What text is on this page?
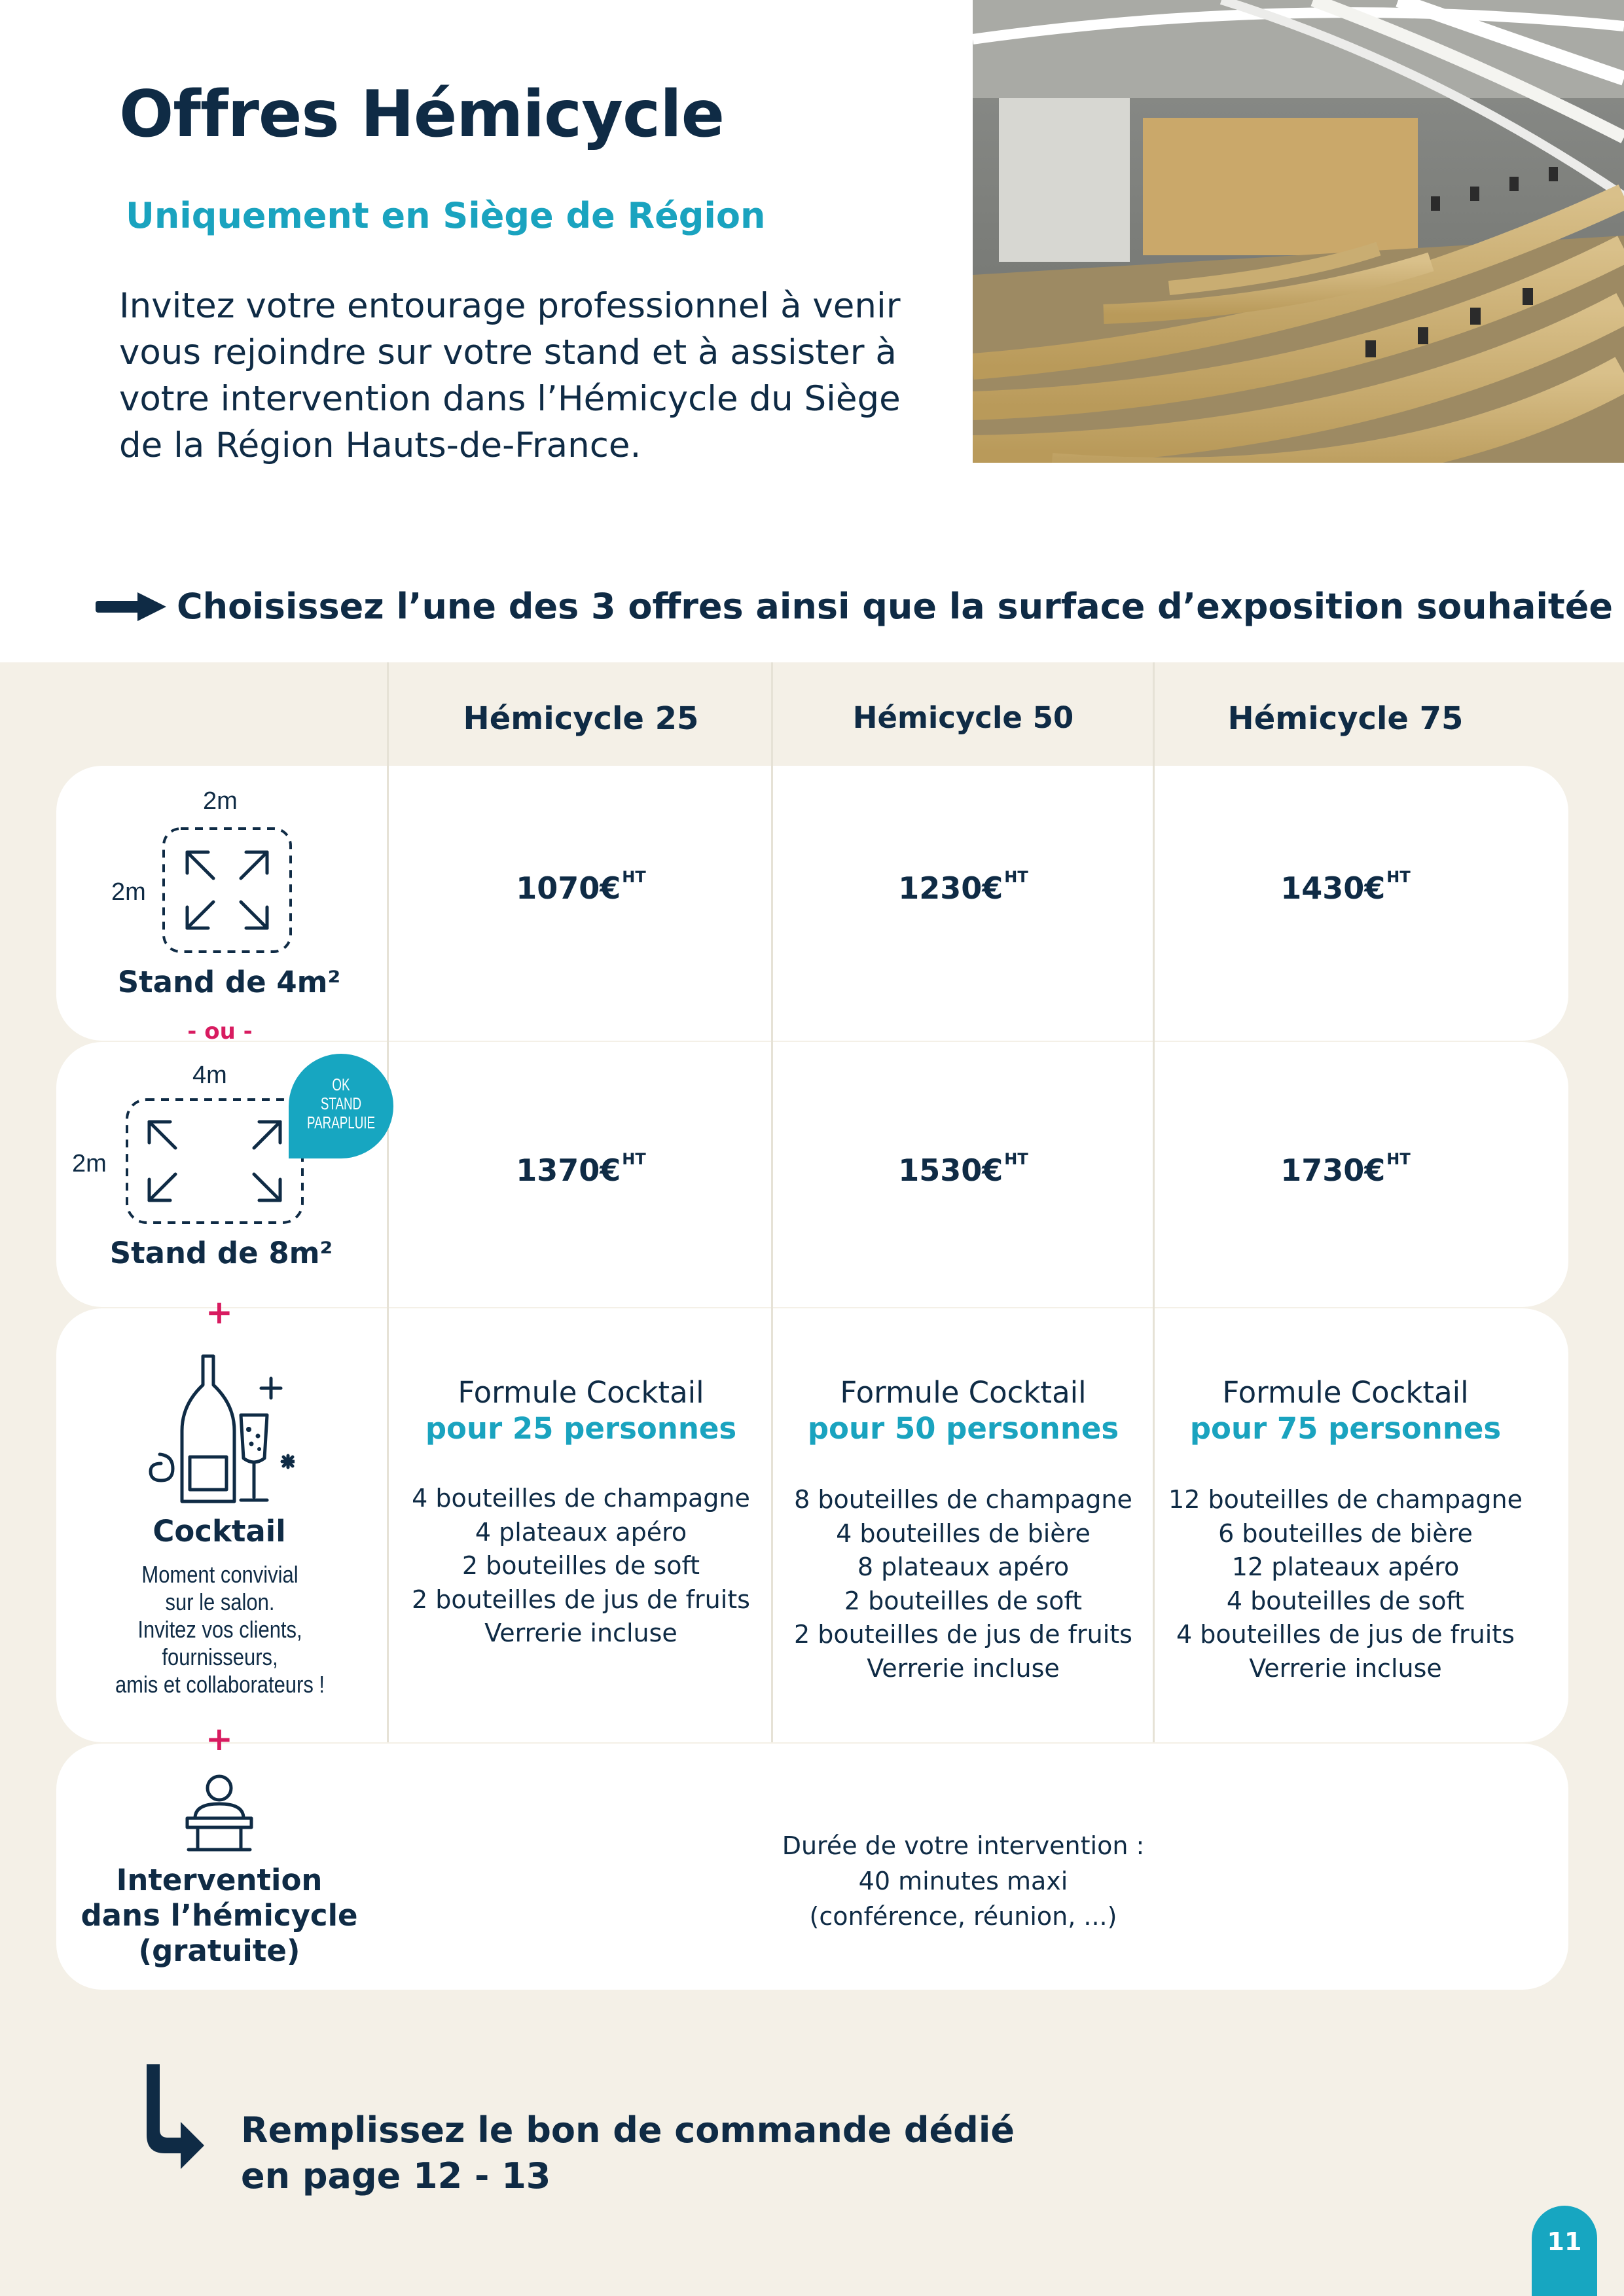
Offres Hémicycle
Uniquement en Siège de Région
Invitez votre entourage professionnel à venir
vous rejoindre sur votre stand et à assister à
votre intervention dans l’Hémicycle du Siège
de la Région Hauts-de-France.
Choisissez l’une des 3 offres ainsi que la surface d’exposition souhaitée
Hémicycle 25	Hémicycle 50	Hémicycle 75
2m
2m
Stand de 4m²
1070€$^{HT}$	1230€$^{HT}$	1430€$^{HT}$
- ou -
4m
2m
OK
STAND
PARAPLUIE
Stand de 8m²
1370€$^{HT}$	1530€$^{HT}$	1730€$^{HT}$
+
Cocktail
Moment convivial
sur le salon.
Invitez vos clients,
fournisseurs,
amis et collaborateurs !
Formule Cocktail
pour 25 personnes
4 bouteilles de champagne
4 plateaux apéro
2 bouteilles de soft
2 bouteilles de jus de fruits
Verrerie incluse
Formule Cocktail
pour 50 personnes
8 bouteilles de champagne
4 bouteilles de bière
8 plateaux apéro
2 bouteilles de soft
2 bouteilles de jus de fruits
Verrerie incluse
Formule Cocktail
pour 75 personnes
12 bouteilles de champagne
6 bouteilles de bière
12 plateaux apéro
4 bouteilles de soft
4 bouteilles de jus de fruits
Verrerie incluse
+
Intervention
dans l’hémicycle
(gratuite)
Durée de votre intervention :
40 minutes maxi
(conférence, réunion, ...)
Remplissez le bon de commande dédié
en page 12 - 13
11
